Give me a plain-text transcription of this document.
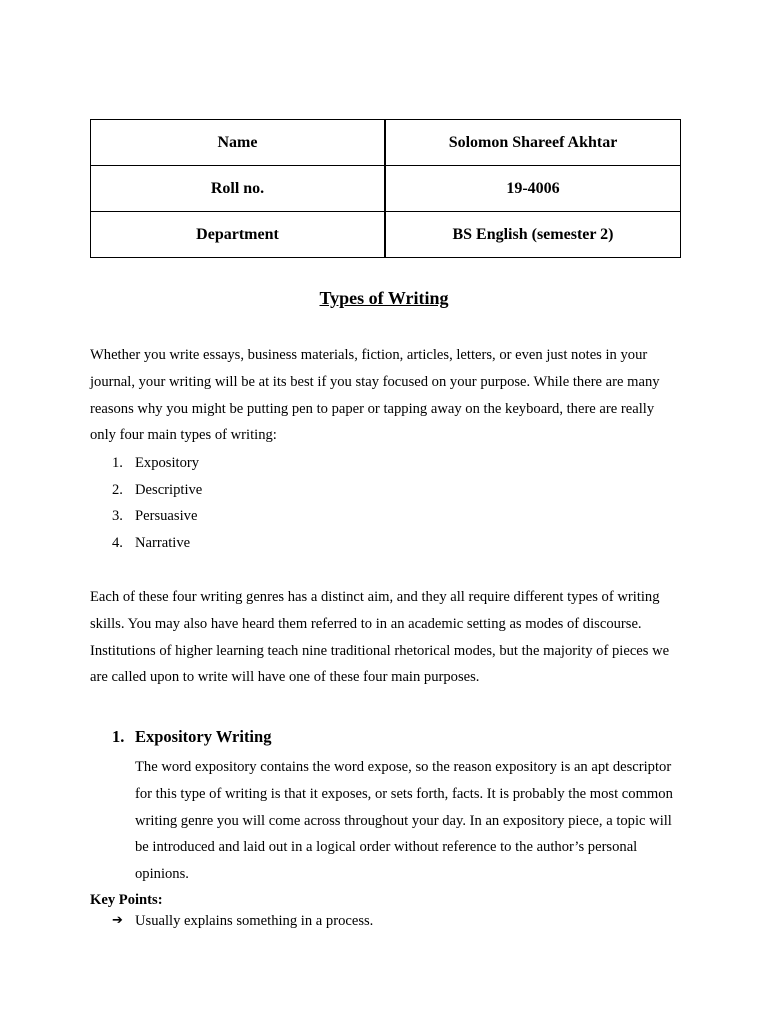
Name	Solomon Shareef Akhtar
Roll no.	19-4006
Department	BS English (semester 2)
Types of Writing

Whether you write essays, business materials, fiction, articles, letters, or even just notes in your journal, your writing will be at its best if you stay focused on your purpose. While there are many reasons why you might be putting pen to paper or tapping away on the keyboard, there are really only four main types of writing:

1. Expository
2. Descriptive
3. Persuasive
4. Narrative

Each of these four writing genres has a distinct aim, and they all require different types of writing skills. You may also have heard them referred to in an academic setting as modes of discourse. Institutions of higher learning teach nine traditional rhetorical modes, but the majority of pieces we are called upon to write will have one of these four main purposes.

1. Expository Writing

The word expository contains the word expose, so the reason expository is an apt descriptor for this type of writing is that it exposes, or sets forth, facts. It is probably the most common writing genre you will come across throughout your day. In an expository piece, a topic will be introduced and laid out in a logical order without reference to the author’s personal opinions.

Key Points:
➔ Usually explains something in a process.
